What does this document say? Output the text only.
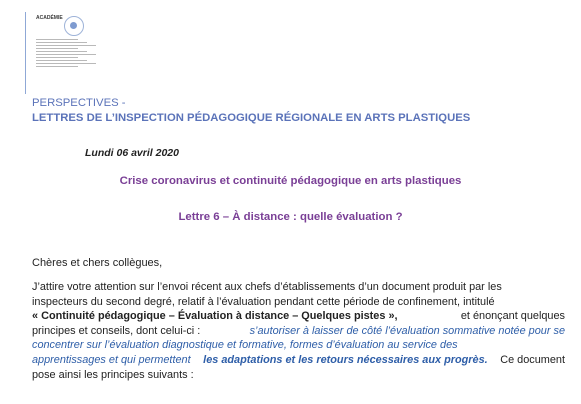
ACADÉMIE

PERSPECTIVES -
LETTRES DE L’INSPECTION PÉDAGOGIQUE RÉGIONALE EN ARTS PLASTIQUES
Lundi 06 avril 2020
Crise coronavirus et continuité pédagogique en arts plastiques
Lettre 6 – À distance : quelle évaluation ?
Chères et chers collègues,
J’attire votre attention sur l’envoi récent aux chefs d’établissements d’un document produit par les
inspecteurs du second degré, relatif à l’évaluation pendant cette période de confinement, intitulé
« Continuité pédagogique – Évaluation à distance – Quelques pistes »,	et énonçant quelques
principes et conseils, dont celui-ci :	s’autoriser à laisser de côté l’évaluation sommative notée pour se
concentrer sur l’évaluation diagnostique et formative, formes d’évaluation au service des
apprentissages et qui permettent les adaptations et les retours nécessaires aux progrès. Ce document
pose ainsi les principes suivants :
